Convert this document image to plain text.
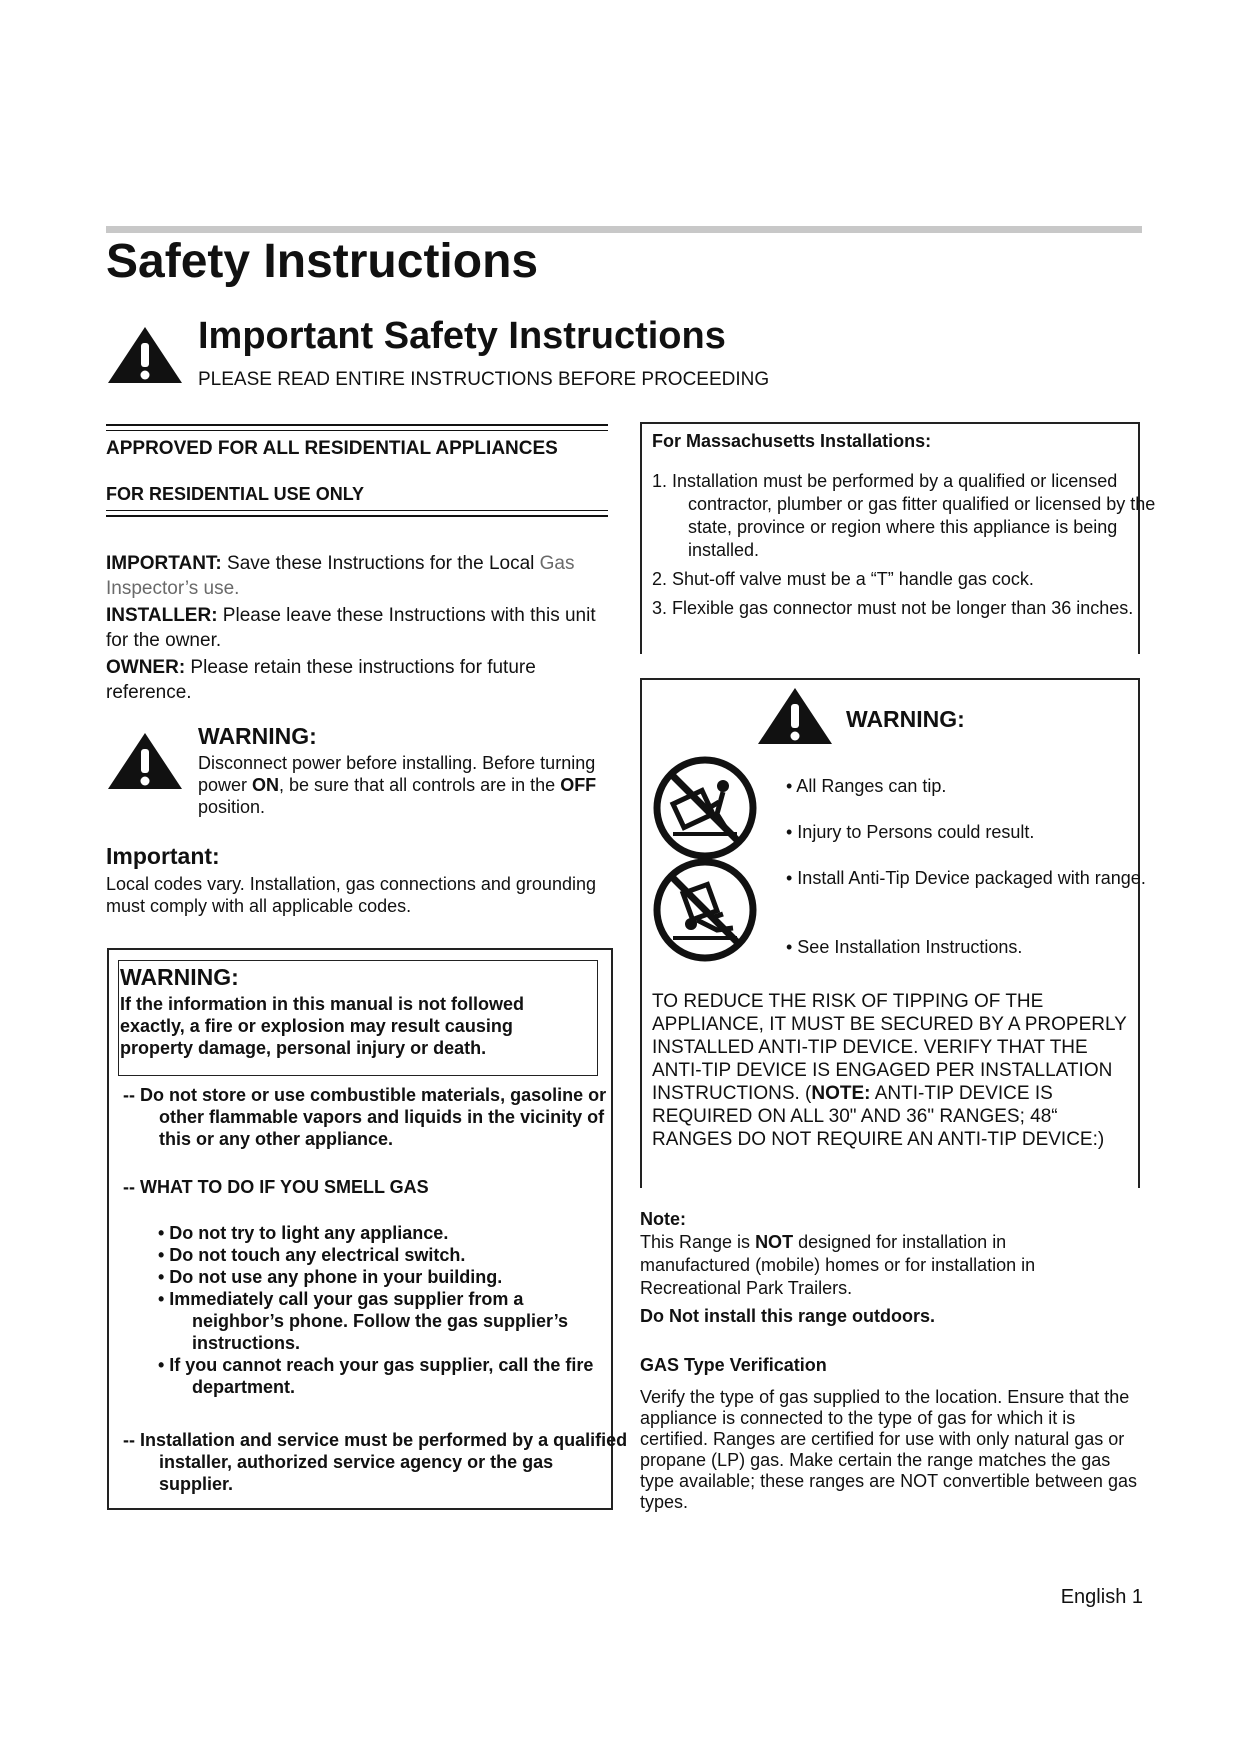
Safety Instructions
Important Safety Instructions
PLEASE READ ENTIRE INSTRUCTIONS BEFORE PROCEEDING
APPROVED FOR ALL RESIDENTIAL APPLIANCES
FOR RESIDENTIAL USE ONLY
IMPORTANT: Save these Instructions for the Local Gas
Inspector’s use.
INSTALLER: Please leave these Instructions with this unit for the owner.
OWNER: Please retain these instructions for future reference.
WARNING:
Disconnect power before installing. Before turning power ON, be sure that all controls are in the OFF position.
Important:
Local codes vary. Installation, gas connections and grounding must comply with all applicable codes.
WARNING:
If the information in this manual is not followed exactly, a fire or explosion may result causing property damage, personal injury or death.
-- Do not store or use combustible materials, gasoline or other flammable vapors and liquids in the vicinity of this or any other appliance.
-- WHAT TO DO IF YOU SMELL GAS
• Do not try to light any appliance.
• Do not touch any electrical switch.
• Do not use any phone in your building.
• Immediately call your gas supplier from a neighbor’s phone. Follow the gas supplier’s instructions.
• If you cannot reach your gas supplier, call the fire department.
-- Installation and service must be performed by a qualified installer, authorized service agency or the gas supplier.
For Massachusetts Installations:
1. Installation must be performed by a qualified or licensed contractor, plumber or gas fitter qualified or licensed by the state, province or region where this appliance is being installed.
2. Shut-off valve must be a “T” handle gas cock.
3. Flexible gas connector must not be longer than 36 inches.
WARNING:
• All Ranges can tip.
• Injury to Persons could result.
• Install Anti-Tip Device packaged with range.
• See Installation Instructions.
TO REDUCE THE RISK OF TIPPING OF THE APPLIANCE, IT MUST BE SECURED BY A PROPERLY INSTALLED ANTI-TIP DEVICE. VERIFY THAT THE ANTI-TIP DEVICE IS ENGAGED PER INSTALLATION INSTRUCTIONS. (NOTE: ANTI-TIP DEVICE IS REQUIRED ON ALL 30" AND 36" RANGES; 48“ RANGES DO NOT REQUIRE AN ANTI-TIP DEVICE:)
Note:
This Range is NOT designed for installation in manufactured (mobile) homes or for installation in Recreational Park Trailers.
Do Not install this range outdoors.
GAS Type Verification
Verify the type of gas supplied to the location. Ensure that the appliance is connected to the type of gas for which it is certified. Ranges are certified for use with only natural gas or propane (LP) gas. Make certain the range matches the gas type available; these ranges are NOT convertible between gas types.
English 1
